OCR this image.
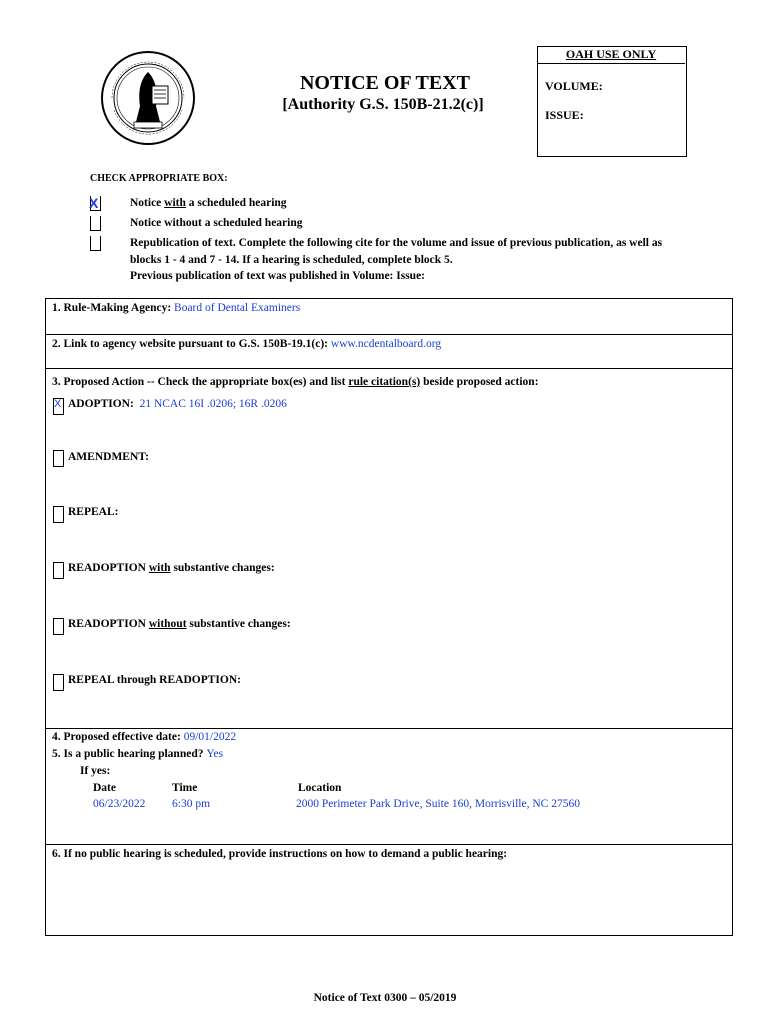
NOTICE OF TEXT
[Authority G.S. 150B-21.2(c)]
OAH USE ONLY
VOLUME:
ISSUE:
CHECK APPROPRIATE BOX:
X	Notice with a scheduled hearing
Notice without a scheduled hearing
Republication of text. Complete the following cite for the volume and issue of previous publication, as well as
blocks 1 - 4 and 7 - 14. If a hearing is scheduled, complete block 5.
Previous publication of text was published in Volume: Issue:
1. Rule-Making Agency: Board of Dental Examiners
2. Link to agency website pursuant to G.S. 150B-19.1(c): www.ncdentalboard.org
3. Proposed Action -- Check the appropriate box(es) and list rule citation(s) beside proposed action:
X ADOPTION: 21 NCAC 16I .0206; 16R .0206
AMENDMENT:
REPEAL:
READOPTION with substantive changes:
READOPTION without substantive changes:
REPEAL through READOPTION:
4. Proposed effective date: 09/01/2022
5. Is a public hearing planned? Yes
If yes:
Date	Time	Location
06/23/2022 6:30 pm	2000 Perimeter Park Drive, Suite 160, Morrisville, NC 27560
6. If no public hearing is scheduled, provide instructions on how to demand a public hearing:
Notice of Text 0300 – 05/2019
